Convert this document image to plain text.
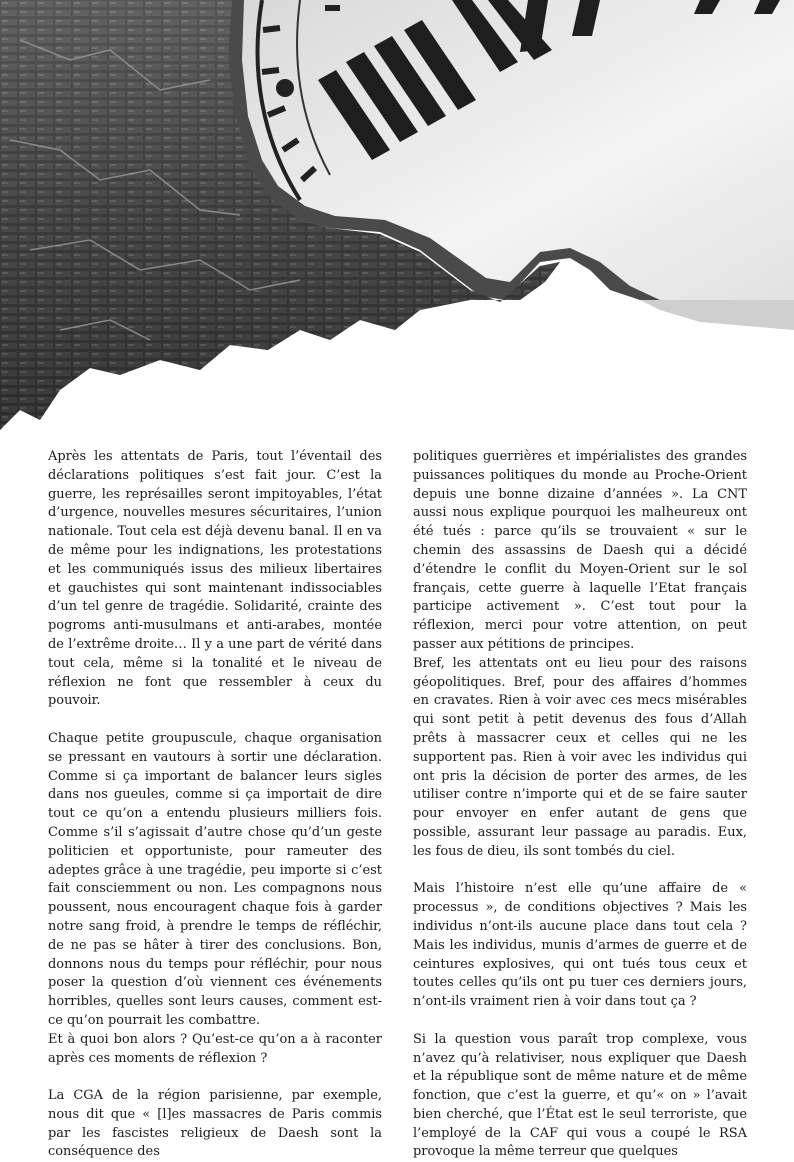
Après les attentats de Paris, tout l’éventail des déclarations politiques s’est fait jour. C’est la guerre, les représailles seront impitoyables, l’état d’urgence, nouvelles mesures sécuritaires, l’union nationale. Tout cela est déjà devenu banal. Il en va de même pour les indignations, les protestations et les communiqués issus des milieux libertaires et gauchistes qui sont maintenant indissociables d’un tel genre de tragédie. Solidarité, crainte des pogroms anti-musulmans et anti-arabes, montée de l’extrême droite… Il y a une part de vérité dans tout cela, même si la tonalité et le niveau de réflexion ne font que ressembler à ceux du pouvoir.

Chaque petite groupuscule, chaque organisation se pressant en vautours à sortir une déclaration. Comme si ça important de balancer leurs sigles dans nos gueules, comme si ça importait de dire tout ce qu’on a entendu plusieurs milliers fois. Comme s’il s’agissait d’autre chose qu’d’un geste politicien et opportuniste, pour rameuter des adeptes grâce à une tragédie, peu importe si c’est fait consciemment ou non. Les compagnons nous poussent, nous encouragent chaque fois à garder notre sang froid, à prendre le temps de réfléchir, de ne pas se hâter à tirer des conclusions. Bon, donnons nous du temps pour réfléchir, pour nous poser la question d’où viennent ces événements horribles, quelles sont leurs causes, comment est-ce qu’on pourrait les combattre.

Et à quoi bon alors ? Qu’est-ce qu’on a à raconter après ces moments de réflexion ?

La CGA de la région parisienne, par exemple, nous dit que « [l]es massacres de Paris commis par les fascistes religieux de Daesh sont la conséquence des

politiques guerrières et impérialistes des grandes puissances politiques du monde au Proche-Orient depuis une bonne dizaine d’années ». La CNT aussi nous explique pourquoi les malheureux ont été tués : parce qu’ils se trouvaient « sur le chemin des assassins de Daesh qui a décidé d’étendre le conflit du Moyen-Orient sur le sol français, cette guerre à laquelle l’Etat français participe activement ». C’est tout pour la réflexion, merci pour votre attention, on peut passer aux pétitions de principes.

Bref, les attentats ont eu lieu pour des raisons géopolitiques. Bref, pour des affaires d’hommes en cravates. Rien à voir avec ces mecs misérables qui sont petit à petit devenus des fous d’Allah prêts à massacrer ceux et celles qui ne les supportent pas. Rien à voir avec les individus qui ont pris la décision de porter des armes, de les utiliser contre n’importe qui et de se faire sauter pour envoyer en enfer autant de gens que possible, assurant leur passage au paradis. Eux, les fous de dieu, ils sont tombés du ciel.

Mais l’histoire n’est elle qu’une affaire de « processus », de conditions objectives ? Mais les individus n’ont-ils aucune place dans tout cela ? Mais les individus, munis d’armes de guerre et de ceintures explosives, qui ont tués tous ceux et toutes celles qu’ils ont pu tuer ces derniers jours, n’ont-ils vraiment rien à voir dans tout ça ?

Si la question vous paraît trop complexe, vous n’avez qu’à relativiser, nous expliquer que Daesh et la république sont de même nature et de même fonction, que c’est la guerre, et qu’« on » l’avait bien cherché, que l’État est le seul terroriste, que l’employé de la CAF qui vous a coupé le RSA provoque la même terreur que quelques
